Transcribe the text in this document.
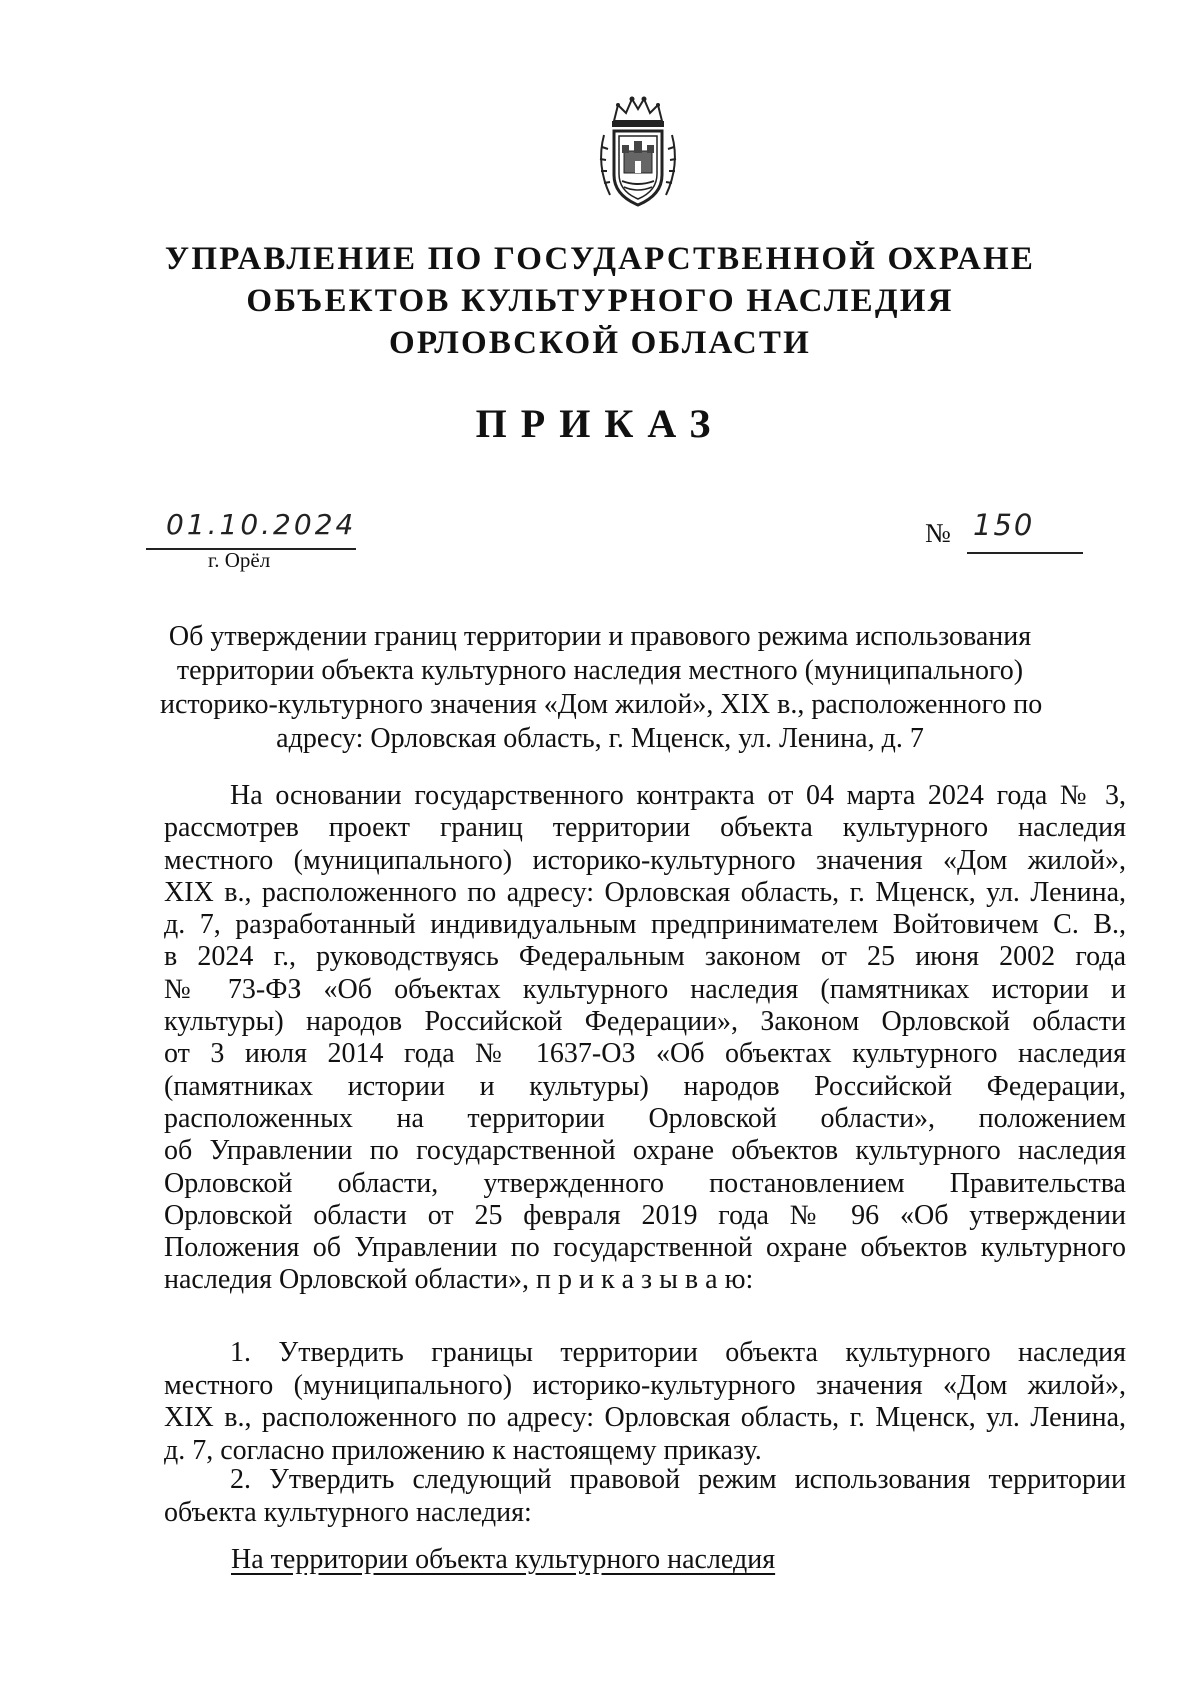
УПРАВЛЕНИЕ ПО ГОСУДАРСТВЕННОЙ ОХРАНЕ
ОБЪЕКТОВ КУЛЬТУРНОГО НАСЛЕДИЯ
ОРЛОВСКОЙ ОБЛАСТИ
ПРИКАЗ
01.10.2024
г. Орёл
№ 150
Об утверждении границ территории и правового режима использования
территории объекта культурного наследия местного (муниципального)
историко-культурного значения «Дом жилой», XIX в., расположенного по
адресу: Орловская область, г. Мценск, ул. Ленина, д. 7
На основании государственного контракта от 04 марта 2024 года № 3,
рассмотрев проект границ территории объекта культурного наследия
местного (муниципального) историко-культурного значения «Дом жилой»,
XIX в., расположенного по адресу: Орловская область, г. Мценск, ул. Ленина,
д. 7, разработанный индивидуальным предпринимателем Войтовичем С. В.,
в 2024 г., руководствуясь Федеральным законом от 25 июня 2002 года
№ 73-ФЗ «Об объектах культурного наследия (памятниках истории и
культуры) народов Российской Федерации», Законом Орловской области
от 3 июля 2014 года № 1637-ОЗ «Об объектах культурного наследия
(памятниках истории и культуры) народов Российской Федерации,
расположенных на территории Орловской области», положением
об Управлении по государственной охране объектов культурного наследия
Орловской области, утвержденного постановлением Правительства
Орловской области от 25 февраля 2019 года № 96 «Об утверждении
Положения об Управлении по государственной охране объектов культурного
наследия Орловской области», п р и к а з ы в а ю:
1. Утвердить границы территории объекта культурного наследия
местного (муниципального) историко-культурного значения «Дом жилой»,
XIX в., расположенного по адресу: Орловская область, г. Мценск, ул. Ленина,
д. 7, согласно приложению к настоящему приказу.
2. Утвердить следующий правовой режим использования территории
объекта культурного наследия:
На территории объекта культурного наследия
